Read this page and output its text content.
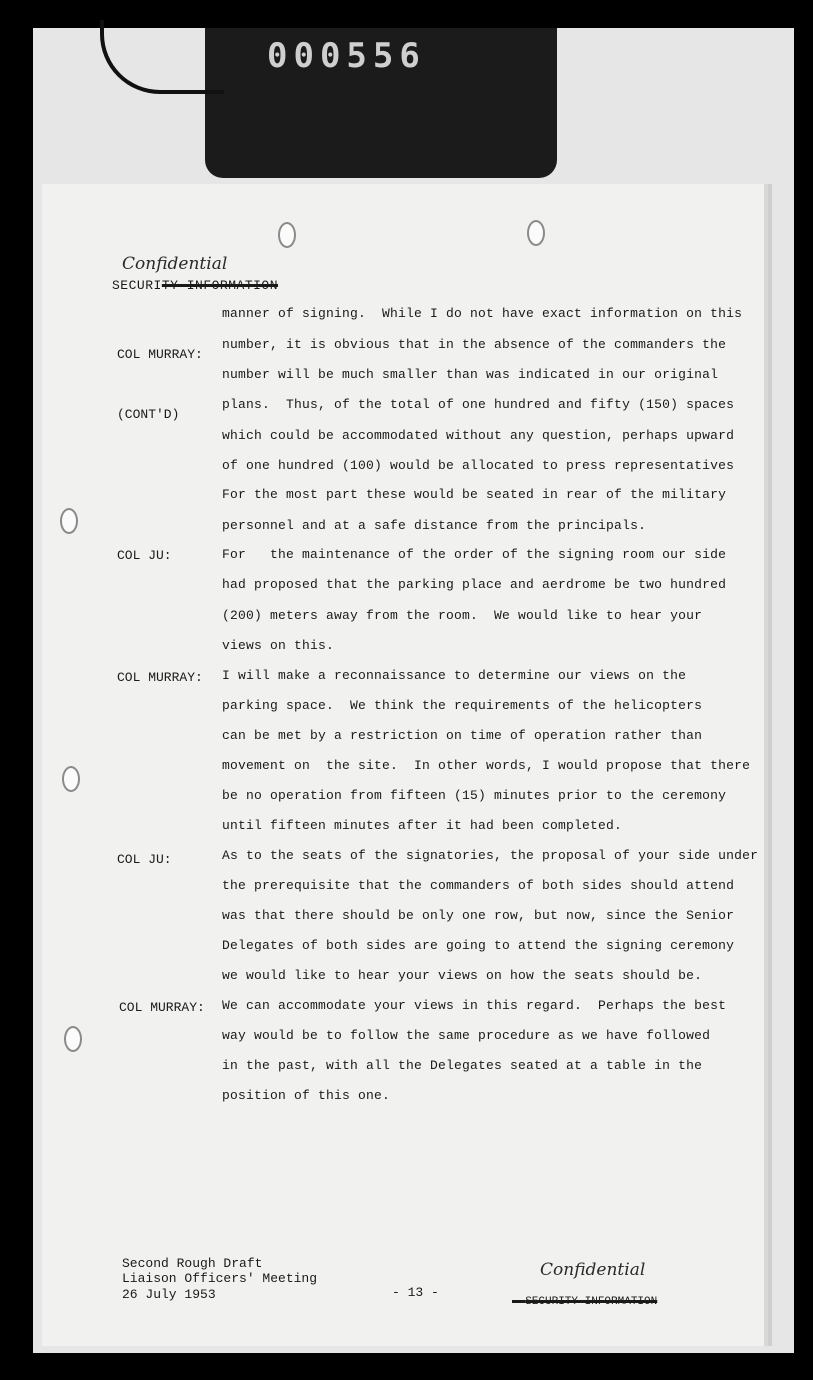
000556
Confidential
SECURITY INFORMATION

COL MURRAY:

(CONT'D)

COL JU:
COL MURRAY:
COL JU:
COL MURRAY:
manner of signing.  While I do not have exact information on this
number, it is obvious that in the absence of the commanders the
number will be much smaller than was indicated in our original
plans.  Thus, of the total of one hundred and fifty (150) spaces
which could be accommodated without any question, perhaps upward
of one hundred (100) would be allocated to press representatives
For the most part these would be seated in rear of the military
personnel and at a safe distance from the principals.
For   the maintenance of the order of the signing room our side
had proposed that the parking place and aerdrome be two hundred
(200) meters away from the room.  We would like to hear your
views on this.
I will make a reconnaissance to determine our views on the
parking space.  We think the requirements of the helicopters
can be met by a restriction on time of operation rather than
movement on  the site.  In other words, I would propose that there
be no operation from fifteen (15) minutes prior to the ceremony
until fifteen minutes after it had been completed.
As to the seats of the signatories, the proposal of your side under
the prerequisite that the commanders of both sides should attend
was that there should be only one row, but now, since the Senior
Delegates of both sides are going to attend the signing ceremony
we would like to hear your views on how the seats should be.
We can accommodate your views in this regard.  Perhaps the best
way would be to follow the same procedure as we have followed
in the past, with all the Delegates seated at a table in the
position of this one.
Second Rough Draft
Liaison Officers' Meeting
26 July 1953	- 13 -
Confidential

SECURITY INFORMATION
